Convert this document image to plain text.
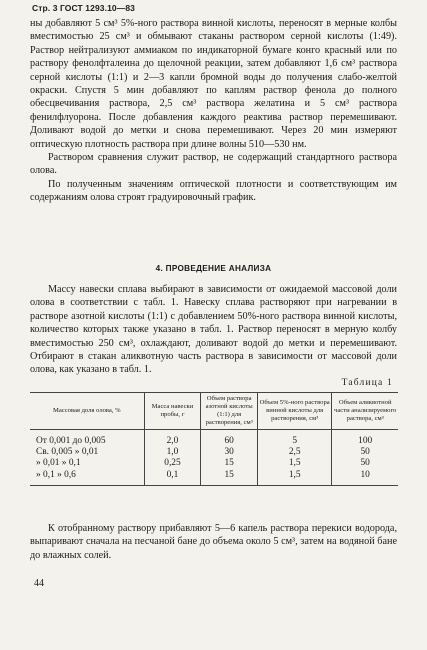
Стр. 3 ГОСТ 1293.10—83

ны добавляют 5 см³ 5%-ного раствора винной кислоты, переносят в мерные колбы вместимостью 25 см³ и обмывают стаканы раствором серной кислоты (1:49). Раствор нейтрализуют аммиаком по индикаторной бумаге конго красный или по раствору фенолфталеина до щелочной реакции, затем добавляют 1,6 см³ раствора серной кислоты (1:1) и 2—3 капли бромной воды до получения слабо-желтой окраски. Спустя 5 мин добавляют по каплям раствор фенола до полного обесцвечивания раствора, 2,5 см³ раствора желатина и 5 см³ раствора фенилфлуорона. После добавления каждого реактива раствор перемешивают. Доливают водой до метки и снова перемешивают. Через 20 мин измеряют оптическую плотность раствора при длине волны 510—530 нм.

Раствором сравнения служит раствор, не содержащий стандартного раствора олова.

По полученным значениям оптической плотности и соответствующим им содержаниям олова строят градуировочный график.

4. ПРОВЕДЕНИЕ АНАЛИЗА

Массу навески сплава выбирают в зависимости от ожидаемой массовой доли олова в соответствии с табл. 1. Навеску сплава растворяют при нагревании в растворе азотной кислоты (1:1) с добавлением 50%-ного раствора винной кислоты, количество которых также указано в табл. 1. Раствор переносят в мерную колбу вместимостью 250 см³, охлаждают, доливают водой до метки и перемешивают. Отбирают в стакан аликвотную часть раствора в зависимости от массовой доли олова, как указано в табл. 1.

Таблица 1
Массовая доля олова, %	Масса навески пробы, г	Объем раствора азотной кислоты (1:1) для растворения, см³	Объем 5%-ного раствора винной кислоты для растворения, см³	Объем аликвотной части анализируемого раствора, см³
От 0,001 до 0,005	2,0	60	5	100
Св. 0,005 » 0,01	1,0	30	2,5	50
» 0,01 » 0,1	0,25	15	1,5	50
» 0,1 » 0,6	0,1	15	1,5	10

К отобранному раствору прибавляют 5—6 капель раствора перекиси водорода, выпаривают сначала на песчаной бане до объема около 5 см³, затем на водяной бане до влажных солей.

44
